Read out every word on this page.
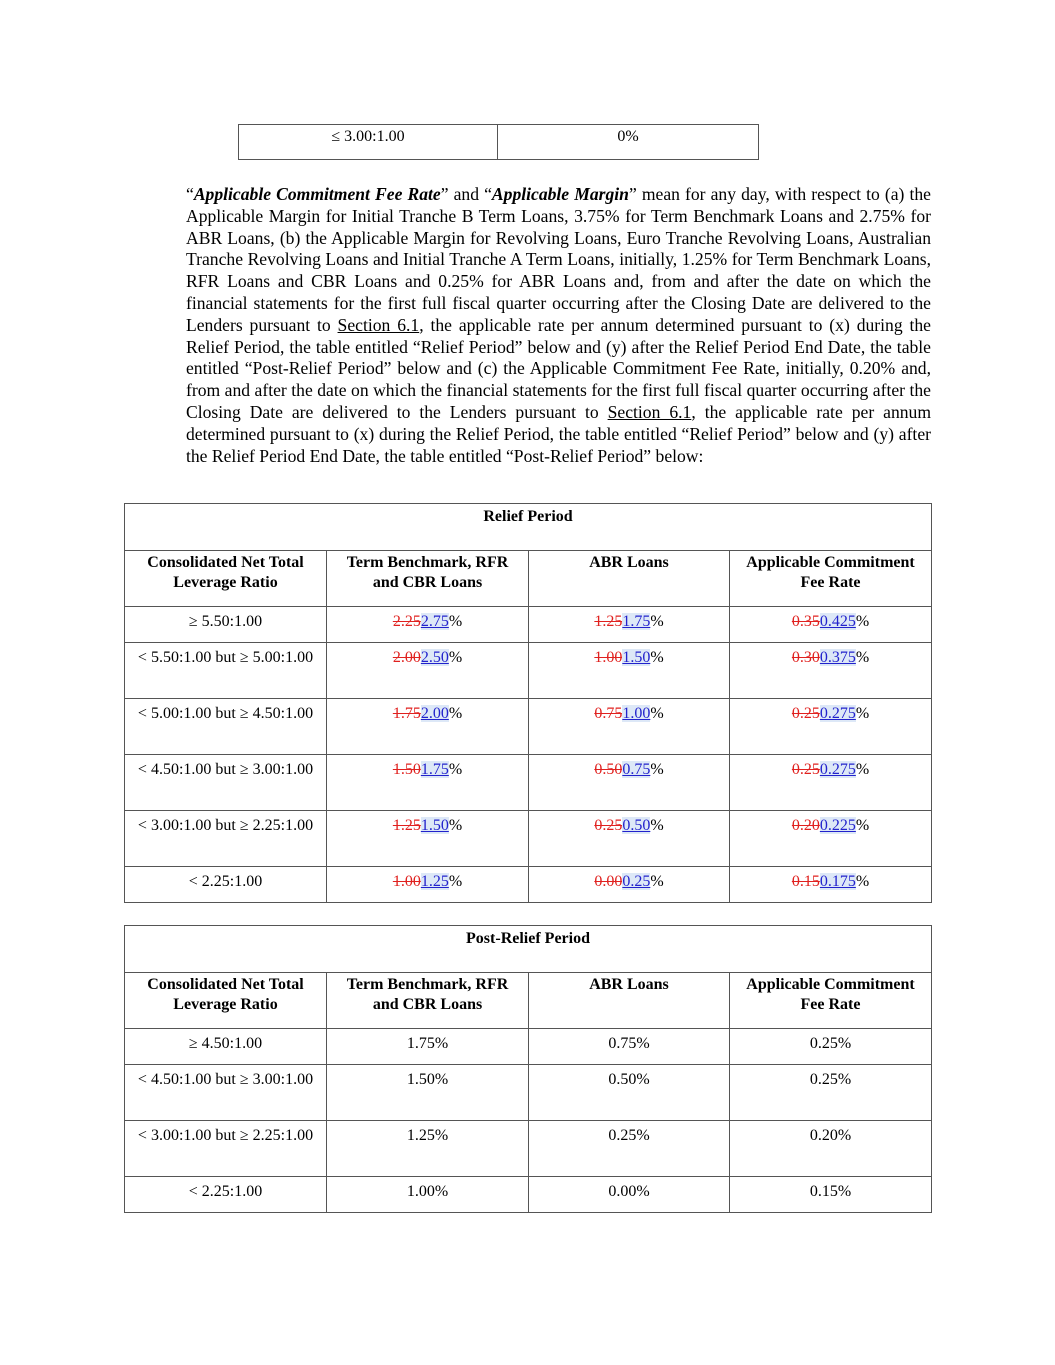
≤ 3.00:1.00	0%

“Applicable Commitment Fee Rate” and “Applicable Margin” mean for any day, with respect to (a) the Applicable Margin for Initial Tranche B Term Loans, 3.75% for Term Benchmark Loans and 2.75% for ABR Loans, (b) the Applicable Margin for Revolving Loans, Euro Tranche Revolving Loans, Australian Tranche Revolving Loans and Initial Tranche A Term Loans, initially, 1.25% for Term Benchmark Loans, RFR Loans and CBR Loans and 0.25% for ABR Loans and, from and after the date on which the financial statements for the first full fiscal quarter occurring after the Closing Date are delivered to the Lenders pursuant to Section 6.1, the applicable rate per annum determined pursuant to (x) during the Relief Period, the table entitled “Relief Period” below and (y) after the Relief Period End Date, the table entitled “Post-Relief Period” below and (c) the Applicable Commitment Fee Rate, initially, 0.20% and, from and after the date on which the financial statements for the first full fiscal quarter occurring after the Closing Date are delivered to the Lenders pursuant to Section 6.1, the applicable rate per annum determined pursuant to (x) during the Relief Period, the table entitled “Relief Period” below and (y) after the Relief Period End Date, the table entitled “Post-Relief Period” below:

Relief Period			
Consolidated Net Total Leverage Ratio	Term Benchmark, RFR and CBR Loans	ABR Loans	Applicable Commitment Fee Rate
≥ 5.50:1.00	2.252.75%	1.251.75%	0.350.425%
< 5.50:1.00 but ≥ 5.00:1.00	2.002.50%	1.001.50%	0.300.375%
< 5.00:1.00 but ≥ 4.50:1.00	1.752.00%	0.751.00%	0.250.275%
< 4.50:1.00 but ≥ 3.00:1.00	1.501.75%	0.500.75%	0.250.275%
< 3.00:1.00 but ≥ 2.25:1.00	1.251.50%	0.250.50%	0.200.225%
< 2.25:1.00	1.001.25%	0.000.25%	0.150.175%
Post-Relief Period			
Consolidated Net Total Leverage Ratio	Term Benchmark, RFR and CBR Loans	ABR Loans	Applicable Commitment Fee Rate
≥ 4.50:1.00	1.75%	0.75%	0.25%
< 4.50:1.00 but ≥ 3.00:1.00	1.50%	0.50%	0.25%
< 3.00:1.00 but ≥ 2.25:1.00	1.25%	0.25%	0.20%
< 2.25:1.00	1.00%	0.00%	0.15%
